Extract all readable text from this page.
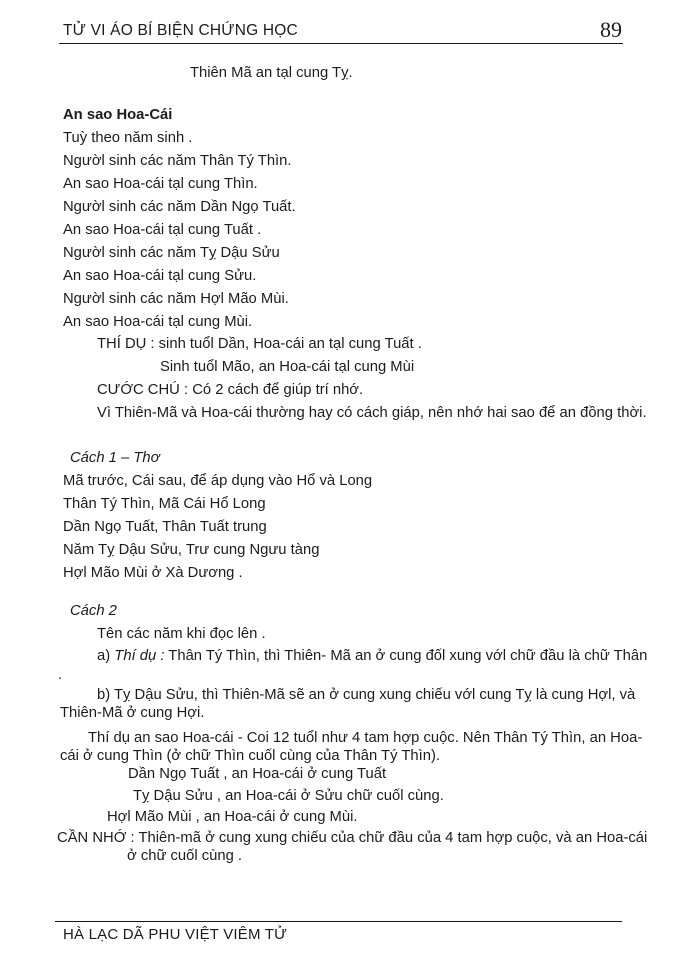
TỬ VI ÁO BÍ BIỆN CHỨNG HỌC	89
Thiên Mã an tạl cung Tỵ.
An sao Hoa-Cái
Tuỳ theo năm sinh .
Ngườl sinh các năm Thân Tý Thìn.
An sao Hoa-cái tạl cung Thìn.
Ngườl sinh các năm Dần Ngọ Tuất.
An sao Hoa-cái tạl cung Tuất .
Ngườl sinh các năm Tỵ Dậu Sửu
An sao Hoa-cái tạl cung Sửu.
Ngườl sinh các năm Hợl Mão Mùi.
An sao Hoa-cái tạl cung Mùi.
THÍ DỤ : sinh tuổl Dần, Hoa-cái an tạl cung Tuất .
Sinh tuổl Mão, an Hoa-cái tạl cung Mùi
CƯỚC CHÚ : Có 2 cách để giúp trí nhớ.
Vì Thiên-Mã và Hoa-cái thường hay có cách giáp, nên nhớ hai sao để an đồng thời.
Cách 1 – Thơ
Mã trước, Cái sau, để áp dụng vào Hổ và Long
Thân Tý Thìn, Mã Cái Hổ Long
Dần Ngọ Tuất, Thân Tuất trung
Năm Tỵ Dậu Sửu, Trư cung Ngưu tàng
Hợl Mão Mùi ở Xà Dương .
Cách 2
Tên các năm khi đọc lên .
a) Thí dụ : Thân Tý Thìn, thì Thiên- Mã an ở cung đốl xung vớl chữ đầu là chữ Thân
.
b) Tỵ Dậu Sửu, thì Thiên-Mã sẽ an ở cung xung chiếu vớl cung Tỵ là cung Hợl, và
Thiên-Mã ở cung Hợi.
Thí dụ an sao Hoa-cái - Coi 12 tuổl như 4 tam hợp cuộc. Nên Thân Tý Thìn, an Hoa-
cái ở cung Thìn (ở chữ Thìn cuốl cùng của Thân Tý Thìn).
Dần Ngọ Tuất , an Hoa-cái ở cung Tuất
Tỵ Dậu Sửu , an Hoa-cái ở Sửu chữ cuốl cùng.
Hợl Mão Mùi , an Hoa-cái ở cung Mùi.
CẦN NHỚ : Thiên-mã ở cung xung chiếu của chữ đầu của 4 tam hợp cuộc, và an Hoa-cái
ở chữ cuốl cùng .
HÀ LẠC DÃ PHU VIỆT VIÊM TỬ
